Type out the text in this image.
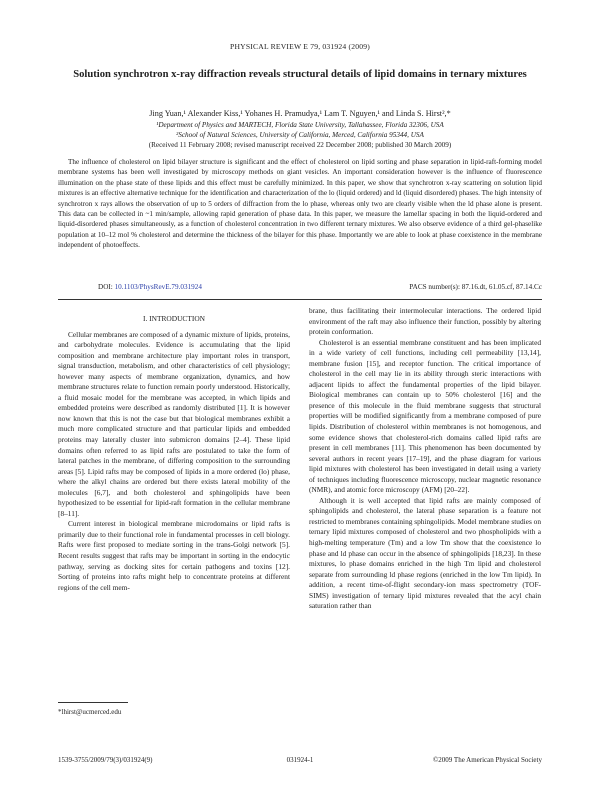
PHYSICAL REVIEW E 79, 031924 (2009)
Solution synchrotron x-ray diffraction reveals structural details of lipid domains in ternary mixtures
Jing Yuan,¹ Alexander Kiss,¹ Yohanes H. Pramudya,¹ Lam T. Nguyen,¹ and Linda S. Hirst²,*
¹Department of Physics and MARTECH, Florida State University, Tallahassee, Florida 32306, USA
²School of Natural Sciences, University of California, Merced, California 95344, USA
(Received 11 February 2008; revised manuscript received 22 December 2008; published 30 March 2009)
The influence of cholesterol on lipid bilayer structure is significant and the effect of cholesterol on lipid sorting and phase separation in lipid-raft-forming model membrane systems has been well investigated by microscopy methods on giant vesicles. An important consideration however is the influence of fluorescence illumination on the phase state of these lipids and this effect must be carefully minimized. In this paper, we show that synchrotron x-ray scattering on solution lipid mixtures is an effective alternative technique for the identification and characterization of the lo (liquid ordered) and ld (liquid disordered) phases. The high intensity of synchrotron x rays allows the observation of up to 5 orders of diffraction from the lo phase, whereas only two are clearly visible when the ld phase alone is present. This data can be collected in ~1 min/sample, allowing rapid generation of phase data. In this paper, we measure the lamellar spacing in both the liquid-ordered and liquid-disordered phases simultaneously, as a function of cholesterol concentration in two different ternary mixtures. We also observe evidence of a third gel-phaselike population at 10–12 mol % cholesterol and determine the thickness of the bilayer for this phase. Importantly we are able to look at phase coexistence in the membrane independent of photoeffects.
DOI: 10.1103/PhysRevE.79.031924	PACS number(s): 87.16.dt, 61.05.cf, 87.14.Cc
I. INTRODUCTION

Cellular membranes are composed of a dynamic mixture of lipids, proteins, and carbohydrate molecules. Evidence is accumulating that the lipid composition and membrane architecture play important roles in transport, signal transduction, metabolism, and other characteristics of cell physiology; however many aspects of membrane organization, dynamics, and how membrane structures relate to function remain poorly understood. Historically, a fluid mosaic model for the membrane was accepted, in which lipids and embedded proteins were described as randomly distributed [1]. It is however now known that this is not the case but that biological membranes exhibit a much more complicated structure and that particular lipids and embedded proteins may laterally cluster into submicron domains [2–4]. These lipid domains often referred to as lipid rafts are postulated to take the form of lateral patches in the membrane, of differing composition to the surrounding areas [5]. Lipid rafts may be composed of lipids in a more ordered (lo) phase, where the alkyl chains are ordered but there exists lateral mobility of the molecules [6,7], and both cholesterol and sphingolipids have been hypothesized to be essential for lipid-raft formation in the cellular membrane [8–11].

Current interest in biological membrane microdomains or lipid rafts is primarily due to their functional role in fundamental processes in cell biology. Rafts were first proposed to mediate sorting in the trans-Golgi network [5]. Recent results suggest that rafts may be important in sorting in the endocytic pathway, serving as docking sites for certain pathogens and toxins [12]. Sorting of proteins into rafts might help to concentrate proteins at different regions of the cell mem-

brane, thus facilitating their intermolecular interactions. The ordered lipid environment of the raft may also influence their function, possibly by altering protein conformation.

Cholesterol is an essential membrane constituent and has been implicated in a wide variety of cell functions, including cell permeability [13,14], membrane fusion [15], and receptor function. The critical importance of cholesterol in the cell may lie in its ability through steric interactions with adjacent lipids to affect the fundamental properties of the lipid bilayer. Biological membranes can contain up to 50% cholesterol [16] and the presence of this molecule in the fluid membrane suggests that structural properties will be modified significantly from a membrane composed of pure lipids. Distribution of cholesterol within membranes is not homogenous, and some evidence shows that cholesterol-rich domains called lipid rafts are present in cell membranes [11]. This phenomenon has been documented by several authors in recent years [17–19], and the phase diagram for various lipid mixtures with cholesterol has been investigated in detail using a variety of techniques including fluorescence microscopy, nuclear magnetic resonance (NMR), and atomic force microscopy (AFM) [20–22].

Although it is well accepted that lipid rafts are mainly composed of sphingolipids and cholesterol, the lateral phase separation is a feature not restricted to membranes containing sphingolipids. Model membrane studies on ternary lipid mixtures composed of cholesterol and two phospholipids with a high-melting temperature (Tm) and a low Tm show that the coexistence lo phase and ld phase can occur in the absence of sphingolipids [18,23]. In these mixtures, lo phase domains enriched in the high Tm lipid and cholesterol separate from surrounding ld phase regions (enriched in the low Tm lipid). In addition, a recent time-of-flight secondary-ion mass spectrometry (TOF-SIMS) investigation of ternary lipid mixtures revealed that the acyl chain saturation rather than

*lhirst@ucmerced.edu
1539-3755/2009/79(3)/031924(9)	031924-1	©2009 The American Physical Society
